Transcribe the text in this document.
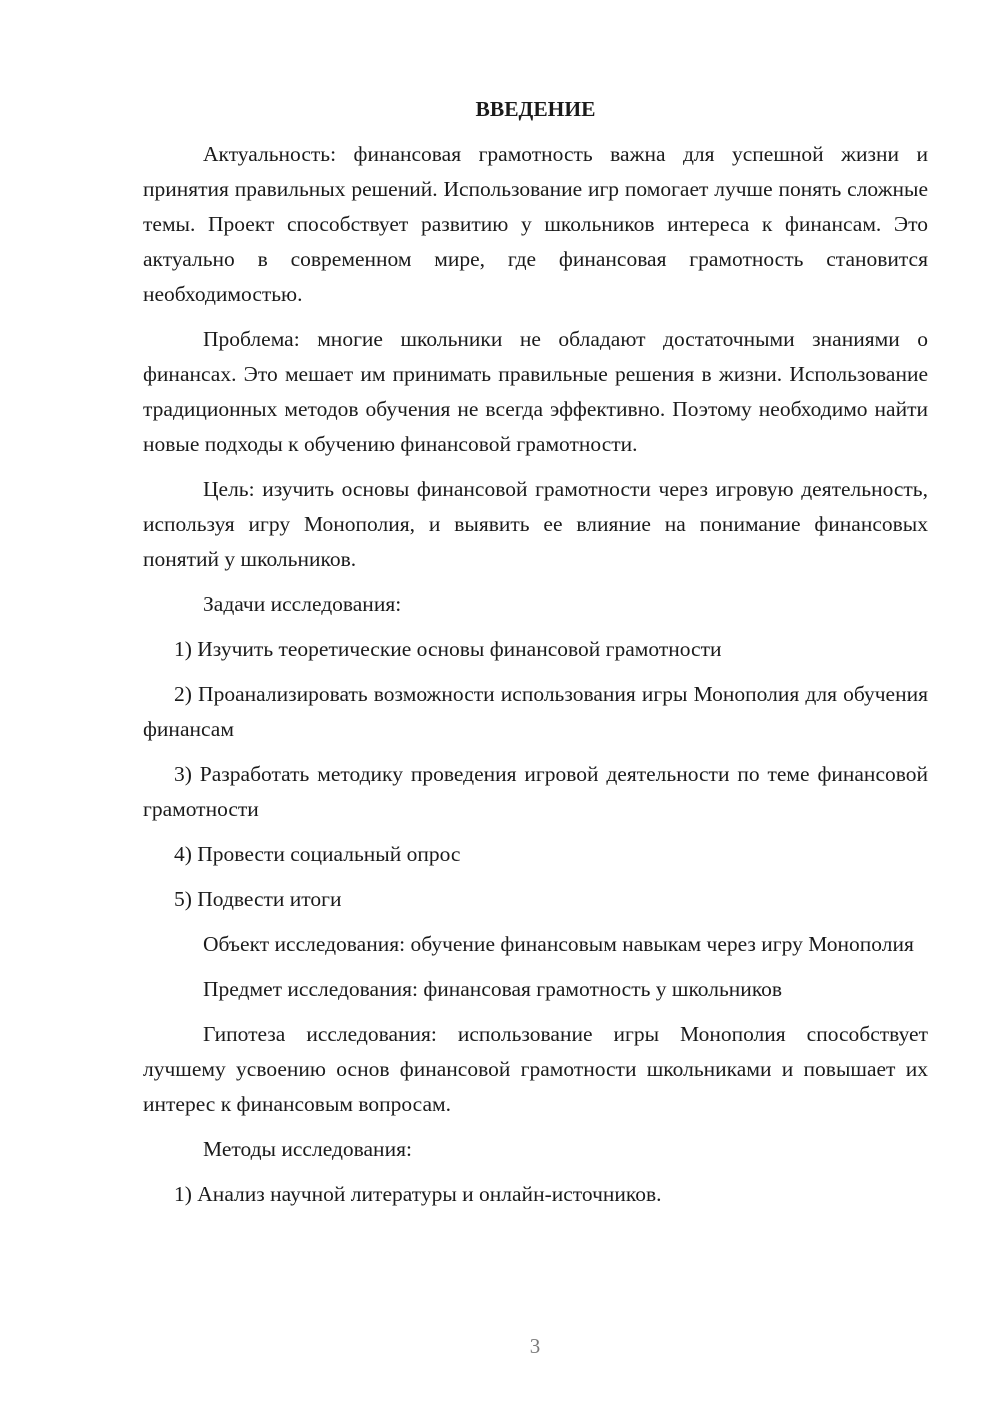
ВВЕДЕНИЕ

Актуальность: финансовая грамотность важна для успешной жизни и принятия правильных решений. Использование игр помогает лучше понять сложные темы. Проект способствует развитию у школьников интереса к финансам. Это актуально в современном мире, где финансовая грамотность становится необходимостью.

Проблема: многие школьники не обладают достаточными знаниями о финансах. Это мешает им принимать правильные решения в жизни. Использование традиционных методов обучения не всегда эффективно. Поэтому необходимо найти новые подходы к обучению финансовой грамотности.

Цель: изучить основы финансовой грамотности через игровую деятельность, используя игру Монополия, и выявить ее влияние на понимание финансовых понятий у школьников.

Задачи исследования:

1) Изучить теоретические основы финансовой грамотности

2) Проанализировать возможности использования игры Монополия для обучения финансам

3) Разработать методику проведения игровой деятельности по теме финансовой грамотности

4) Провести социальный опрос

5) Подвести итоги

Объект исследования: обучение финансовым навыкам через игру Монополия

Предмет исследования: финансовая грамотность у школьников

Гипотеза исследования: использование игры Монополия способствует лучшему усвоению основ финансовой грамотности школьниками и повышает их интерес к финансовым вопросам.

Методы исследования:

1) Анализ научной литературы и онлайн-источников.

3
